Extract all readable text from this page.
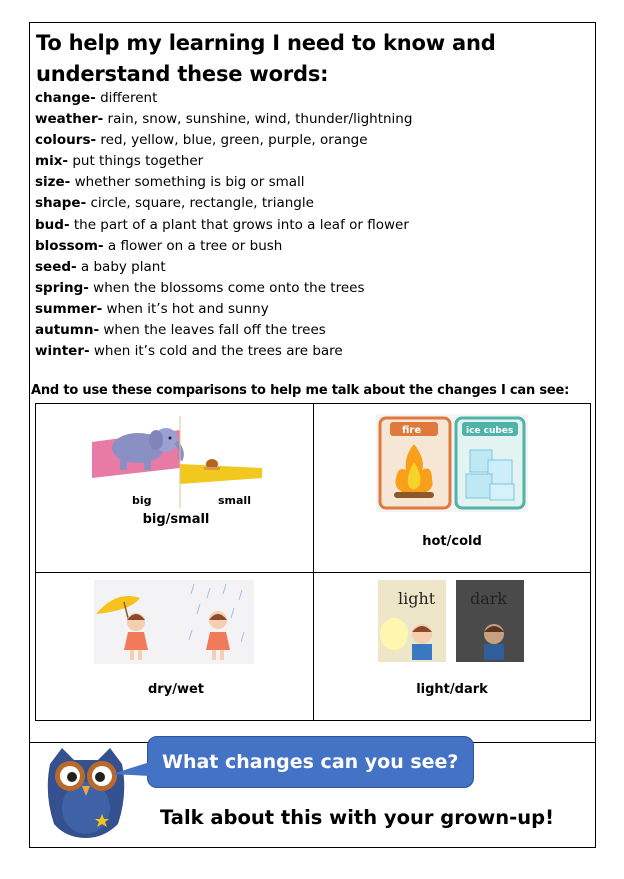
To help my learning I need to know and understand these words:
change- different
weather- rain, snow, sunshine, wind, thunder/lightning
colours- red, yellow, blue, green, purple, orange
mix- put things together
size- whether something is big or small
shape- circle, square, rectangle, triangle
bud- the part of a plant that grows into a leaf or flower
blossom- a flower on a tree or bush
seed- a baby plant
spring- when the blossoms come onto the trees
summer- when it’s hot and sunny
autumn- when the leaves fall off the trees
winter- when it’s cold and the trees are bare
And to use these comparisons to help me talk about the changes I can see:
big	small
big/small
fire	ice cubes
hot/cold
dry/wet
light dark
light/dark
What changes can you see?
Talk about this with your grown-up!
